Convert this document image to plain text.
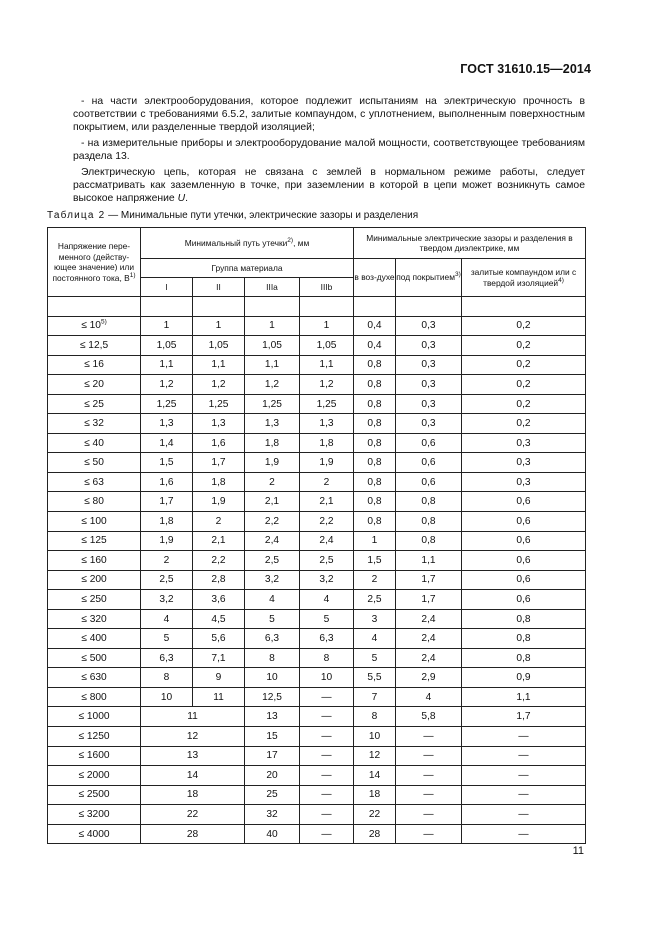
ГОСТ 31610.15—2014

- на части электрооборудования, которое подлежит испытаниям на электрическую прочность в соответствии с требованиями 6.5.2, залитые компаундом, с уплотнением, выполненным поверхностным покрытием, или разделенные твердой изоляцией;

- на измерительные приборы и электрооборудование малой мощности, соответствующее требованиям раздела 13.

Электрическую цепь, которая не связана с землей в нормальном режиме работы, следует рассматривать как заземленную в точке, при заземлении в которой в цепи может возникнуть самое высокое напряжение U.

Таблица 2 — Минимальные пути утечки, электрические зазоры и разделения
Напряжение пере-менного (действу-ющее значение) или постоянного тока, $В^{1)}$	Минимальный путь утечки$^{2)}$, мм				Минимальные электрические зазоры и разделения в твердом диэлектрике, мм		
	Группа материала				в воз-духе	под покрытием$^{3)}$	залитые компаундом или с твердой изоляцией$^{4)}$
	I	II	IIIa	IIIb			

≤ $10^{5)}$	1	1	1	1	0,4	0,3	0,2
≤ 12,5	1,05	1,05	1,05	1,05	0,4	0,3	0,2
≤ 16	1,1	1,1	1,1	1,1	0,8	0,3	0,2
≤ 20	1,2	1,2	1,2	1,2	0,8	0,3	0,2
≤ 25	1,25	1,25	1,25	1,25	0,8	0,3	0,2
≤ 32	1,3	1,3	1,3	1,3	0,8	0,3	0,2
≤ 40	1,4	1,6	1,8	1,8	0,8	0,6	0,3
≤ 50	1,5	1,7	1,9	1,9	0,8	0,6	0,3
≤ 63	1,6	1,8	2	2	0,8	0,6	0,3
≤ 80	1,7	1,9	2,1	2,1	0,8	0,8	0,6
≤ 100	1,8	2	2,2	2,2	0,8	0,8	0,6
≤ 125	1,9	2,1	2,4	2,4	1	0,8	0,6
≤ 160	2	2,2	2,5	2,5	1,5	1,1	0,6
≤ 200	2,5	2,8	3,2	3,2	2	1,7	0,6
≤ 250	3,2	3,6	4	4	2,5	1,7	0,6
≤ 320	4	4,5	5	5	3	2,4	0,8
≤ 400	5	5,6	6,3	6,3	4	2,4	0,8
≤ 500	6,3	7,1	8	8	5	2,4	0,8
≤ 630	8	9	10	10	5,5	2,9	0,9
≤ 800	10	11	12,5	—	7	4	1,1
≤ 1000	11		13	—	8	5,8	1,7
≤ 1250	12		15	—	10	—	—
≤ 1600	13		17	—	12	—	—
≤ 2000	14		20	—	14	—	—
≤ 2500	18		25	—	18	—	—
≤ 3200	22		32	—	22	—	—
≤ 4000	28		40	—	28	—	—
11
